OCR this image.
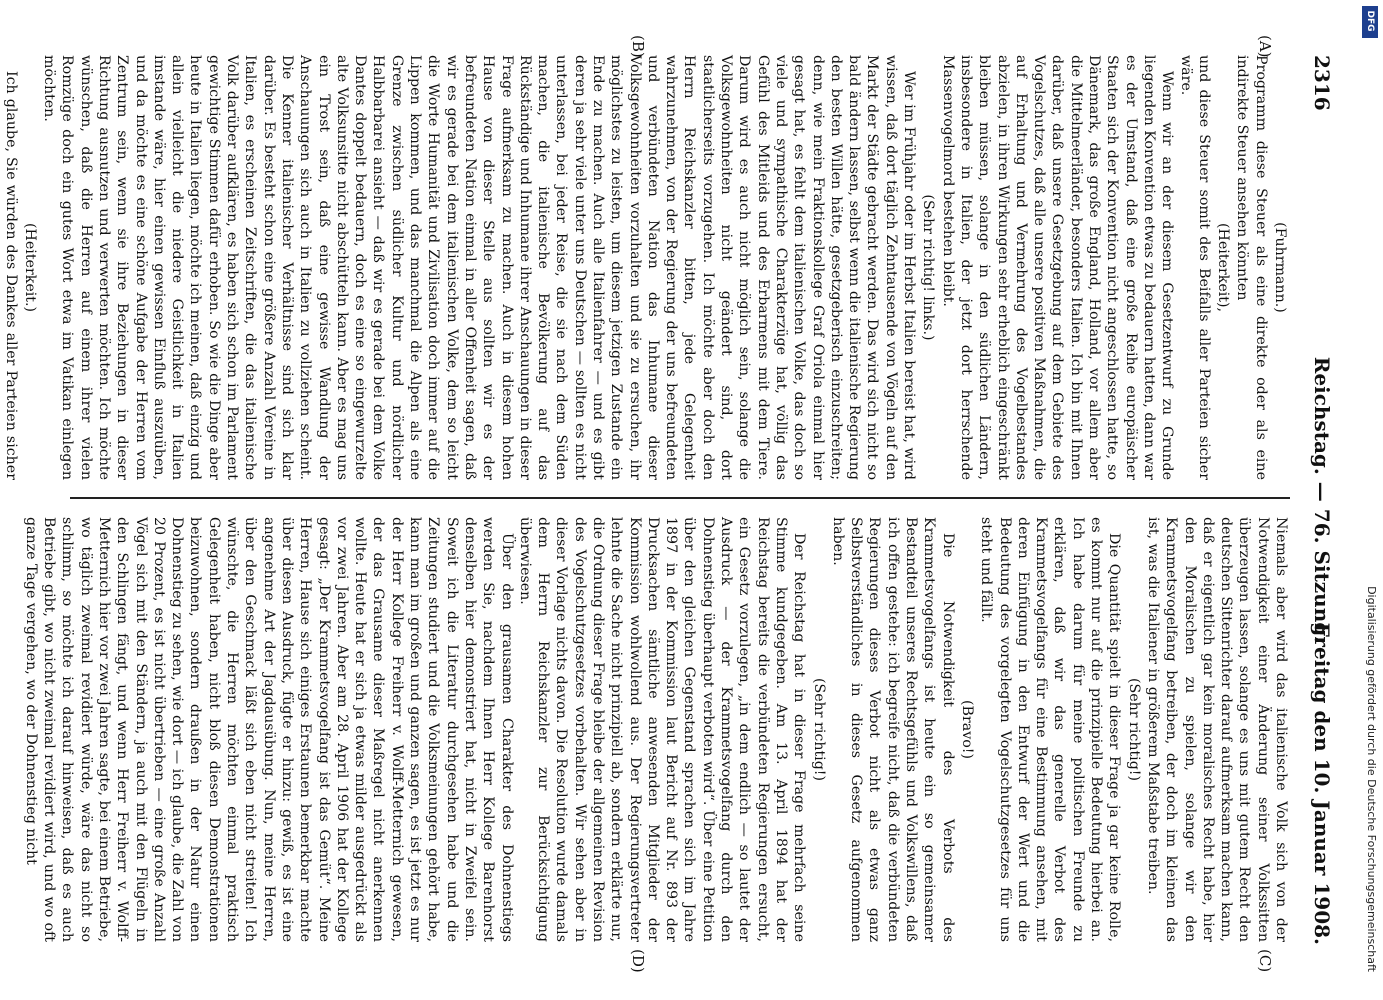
2316
Reichstag. — 76. Sitzung.
Freitag den 10. Januar 1908.
(A)
(B)
(C)
(D)

(Fuhrmann.)

Programm diese Steuer als eine direkte oder als eine indirekte Steuer ansehen könnten

(Heiterkeit),

und diese Steuer somit des Beifalls aller Parteien sicher wäre.

Wenn wir an der diesem Gesetzentwurf zu Grunde liegenden Konvention etwas zu bedauern hatten, dann war es der Umstand, daß eine große Reihe europäischer Staaten sich der Konvention nicht angeschlossen hatte, so Dänemark, das große England, Holland, vor allem aber die Mittelmeerländer, besonders Italien. Ich bin mit Ihnen darüber, daß unsere Gesetzgebung auf dem Gebiete des Vogelschutzes, daß alle unsere positiven Maßnahmen, die auf Erhaltung und Vermehrung des Vogelbestandes abzielen, in ihren Wirkungen sehr erheblich eingeschränkt bleiben müssen, solange in den südlichen Ländern, insbesondere in Italien, der jetzt dort herrschende Massenvogelmord bestehen bleibt.

(Sehr richtig! links.)

Wer im Frühjahr oder im Herbst Italien bereist hat, wird wissen, daß dort täglich Zehntausende von Vögeln auf den Markt der Städte gebracht werden. Das wird sich nicht so bald ändern lassen, selbst wenn die italienische Regierung den besten Willen hätte, gesetzgeberisch einzuschreiten; denn, wie mein Fraktionskollege Graf Oriola einmal hier gesagt hat, es fehlt dem italienischen Volke, das doch so viele und sympathische Charakterzüge hat, völlig das Gefühl des Mitleids und des Erbarmens mit dem Tiere. Darum wird es auch nicht möglich sein, solange die Volksgewohnheiten nicht geändert sind, dort staatlicherseits vorzugehen. Ich möchte aber doch den Herrn Reichskanzler bitten, jede Gelegenheit wahrzunehmen, von der Regierung der uns befreundeten und verbündeten Nation das Inhumane dieser Volksgewohnheiten vorzuhalten und sie zu ersuchen, ihr möglichstes zu leisten, um diesem jetzigen Zustande ein Ende zu machen. Auch alle Italienfahrer — und es gibt deren ja sehr viele unter uns Deutschen — sollten es nicht unterlassen, bei jeder Reise, die sie nach dem Süden machen, die italienische Bevölkerung auf das Rückständige und Inhumane ihrer Anschauungen in dieser Frage aufmerksam zu machen. Auch in diesem hohen Hause von dieser Stelle aus sollten wir es der befreundeten Nation einmal in aller Offenheit sagen, daß wir es gerade bei dem italienischen Volke, dem so leicht die Worte Humanität und Zivilisation doch immer auf die Lippen kommen, und das manchmal die Alpen als eine Grenze zwischen südlicher Kultur und nördlicher Halbbarbarei ansieht — daß wir es gerade bei dem Volke Dantes doppelt bedauern, doch es eine so eingewurzelte alte Volksunsitte nicht abschütteln kann. Aber es mag uns ein Trost sein, daß eine gewisse Wandlung der Anschauungen sich auch in Italien zu vollziehen scheint. Die Kenner italienischer Verhältnisse sind sich klar darüber. Es besteht schon eine größere Anzahl Vereine in Italien, es erscheinen Zeitschriften, die das italienische Volk darüber aufklären, es haben sich schon im Parlament gewichtige Stimmen dafür erhoben. So wie die Dinge aber heute in Italien liegen, möchte ich meinen, daß einzig und allein vielleicht die niedere Geistlichkeit in Italien imstande wäre, hier einen gewissen Einfluß auszuüben, und da möchte es eine schöne Aufgabe der Herren vom Zentrum sein, wenn sie ihre Beziehungen in dieser Richtung ausnutzen und verwerten möchten. Ich möchte wünschen, daß die Herren auf einem ihrer vielen Romzüge doch ein gutes Wort etwa im Vatikan einlegen möchten.

(Heiterkeit.)

Ich glaube, Sie würden des Dankes aller Parteien sicher

Niemals aber wird das italienische Volk sich von der Notwendigkeit einer Änderung seiner Volkssitten überzeugen lassen, solange es uns mit gutem Recht den deutschen Sittenrichter darauf aufmerksam machen kann, daß er eigentlich gar kein moralisches Recht habe, hier den Moralischen zu spielen, solange wir den Krammetsvogelfang betreiben, der doch im kleinen das ist, was die Italiener in größerem Maßstabe treiben.

(Sehr richtig!)

Die Quantität spielt in dieser Frage ja gar keine Rolle, es kommt nur auf die prinzipielle Bedeutung hierbei an. Ich habe darum für meine politischen Freunde zu erklären, daß wir das generelle Verbot des Krammetsvogelfangs für eine Bestimmung ansehen, mit deren Einfügung in den Entwurf der Wert und die Bedeutung des vorgelegten Vogelschutzgesetzes für uns steht und fällt.

(Bravo!)

Die Notwendigkeit des Verbots des Krammetsvogelfangs ist heute ein so gemeinsamer Bestandteil unseres Rechtsgefühls und Volkswillens, daß ich offen gestehe: ich begreife nicht, daß die verbündeten Regierungen dieses Verbot nicht als etwas ganz Selbstverständliches in dieses Gesetz aufgenommen haben.

(Sehr richtig!)

Der Reichstag hat in dieser Frage mehrfach seine Stimme kundgegeben. Am 13. April 1894 hat der Reichstag bereits die verbündeten Regierungen ersucht, ein Gesetz vorzulegen, „in dem endlich — so lautet der Ausdruck — der Krammetsvogelfang durch den Dohnenstieg überhaupt verboten wird“. Über eine Petition über den gleichen Gegenstand sprachen sich im Jahre 1897 in der Kommission laut Bericht auf Nr. 893 der Drucksachen sämtliche anwesenden Mitglieder der Kommission wohlwollend aus. Der Regierungsvertreter lehnte die Sache nicht prinzipiell ab, sondern erklärte nur, die Ordnung dieser Frage bleibe der allgemeinen Revision des Vogelschutzgesetzes vorbehalten. Wir sehen aber in dieser Vorlage nichts davon. Die Resolution wurde damals dem Herrn Reichskanzler zur Berücksichtigung überwiesen.

Über den grausamen Charakter des Dohnenstiegs werden Sie, nachdem Ihnen Herr Kollege Barenhorst denselben hier demonstriert hat, nicht in Zweifel sein. Soweit ich die Literatur durchgesehen habe und die Zeitungen studiert und die Volksmeinungen gehört habe, kann man im großen und ganzen sagen, es ist jetzt es nur der Herr Kollege Freiherr v. Wolff-Metternich gewesen, der das Grausame dieser Maßregel nicht anerkennen wollte. Heute hat er sich ja etwas milder ausgedrückt als vor zwei Jahren. Aber am 28. April 1906 hat der Kollege gesagt: „Der Krammetsvogelfang ist das Gemüt“. Meine Herren, Hause sich einiges Erstaunen bemerkbar machte über diesen Ausdruck, fügte er hinzu: gewiß, es ist eine angenehme Art der Jagdausübung. Nun, meine Herren, über den Geschmack läßt sich eben nicht streiten! Ich wünschte, die Herren möchten einmal praktisch Gelegenheit haben, nicht bloß diesen Demonstrationen beizuwohnen, sondern draußen in der Natur einen Dohnenstieg zu sehen, wie dort — ich glaube, die Zahl von 20 Prozent, es ist nicht übertrieben — eine große Anzahl Vögel sich mit den Ständern, ja auch mit den Flügeln in den Schlingen fängt, und wenn Herr Freiherr v. Wolff-Metternich hier vor zwei Jahren sagte, bei einem Betriebe, wo täglich zweimal revidiert würde, wäre das nicht so schlimm, so möchte ich darauf hinweisen, daß es auch Betriebe gibt, wo nicht zweimal revidiert wird, und wo oft ganze Tage vergehen, wo der Dohnenstieg nicht

DFG
Digitalisierung gefördert durch die Deutsche Forschungsgemeinschaft
